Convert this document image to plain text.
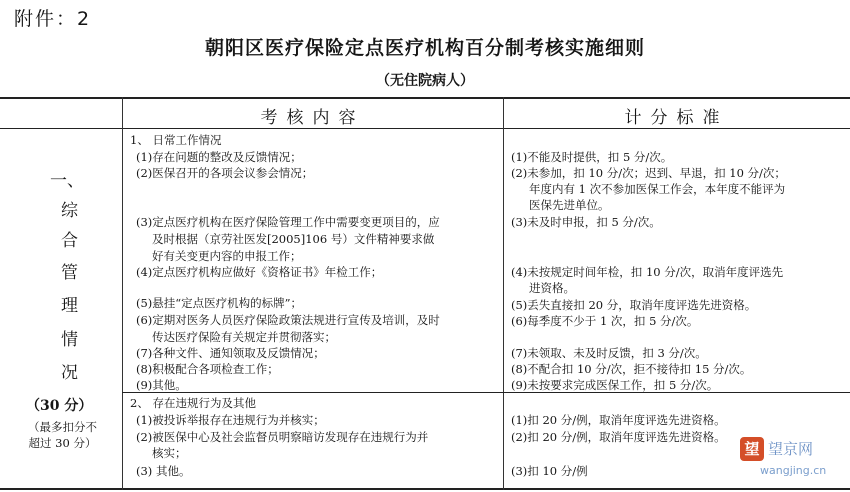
附件：2
朝阳区医疗保险定点医疗机构百分制考核实施细则
（无住院病人）
考核内容	计分标准
一、
综
合
管
理
情
况
（30 分）
（最多扣分不
超过 30 分）
1、 日常工作情况
(1)存在问题的整改及反馈情况；
(2)医保召开的各项会议参会情况；
(3)定点医疗机构在医疗保险管理工作中需要变更项目的，应
及时根据（京劳社医发[2005]106 号）文件精神要求做
好有关变更内容的申报工作；
(4)定点医疗机构应做好《资格证书》年检工作；
(5)悬挂“定点医疗机构的标牌”；
(6)定期对医务人员医疗保险政策法规进行宣传及培训，及时
传达医疗保险有关规定并贯彻落实；
(7)各种文件、通知领取及反馈情况；
(8)积极配合各项检查工作；
(9)其他。
2、 存在违规行为及其他
(1)被投诉举报存在违规行为并核实；
(2)被医保中心及社会监督员明察暗访发现存在违规行为并
核实；
(3) 其他。
(1)不能及时提供，扣 5 分/次。
(2)未参加，扣 10 分/次；迟到、早退，扣 10 分/次；
年度内有 1 次不参加医保工作会，本年度不能评为
医保先进单位。
(3)未及时申报，扣 5 分/次。
(4)未按规定时间年检，扣 10 分/次，取消年度评选先
进资格。
(5)丢失直接扣 20 分，取消年度评选先进资格。
(6)每季度不少于 1 次，扣 5 分/次。
(7)未领取、未及时反馈，扣 3 分/次。
(8)不配合扣 10 分/次，拒不接待扣 15 分/次。
(9)未按要求完成医保工作，扣 5 分/次。
(1)扣 20 分/例，取消年度评选先进资格。
(2)扣 20 分/例，取消年度评选先进资格。
(3)扣 10 分/例
望 望京网
wangjing.cn
